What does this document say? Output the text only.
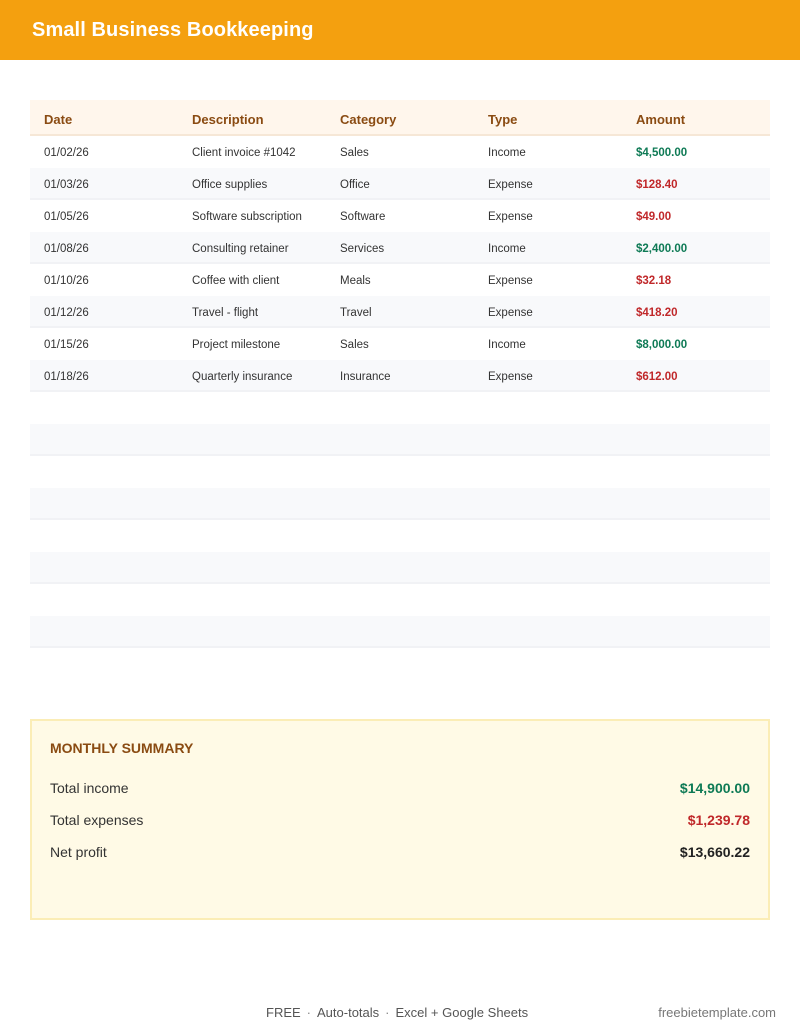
Small Business Bookkeeping
Date	Description	Category	Type	Amount
01/02/26	Client invoice #1042	Sales	Income	$4,500.00
01/03/26	Office supplies	Office	Expense	$128.40
01/05/26	Software subscription	Software	Expense	$49.00
01/08/26	Consulting retainer	Services	Income	$2,400.00
01/10/26	Coffee with client	Meals	Expense	$32.18
01/12/26	Travel - flight	Travel	Expense	$418.20
01/15/26	Project milestone	Sales	Income	$8,000.00
01/18/26	Quarterly insurance	Insurance	Expense	$612.00
MONTHLY SUMMARY
Total income	$14,900.00
Total expenses	$1,239.78
Net profit	$13,660.22
FREE · Auto-totals · Excel + Google Sheets	freebietemplate.com
